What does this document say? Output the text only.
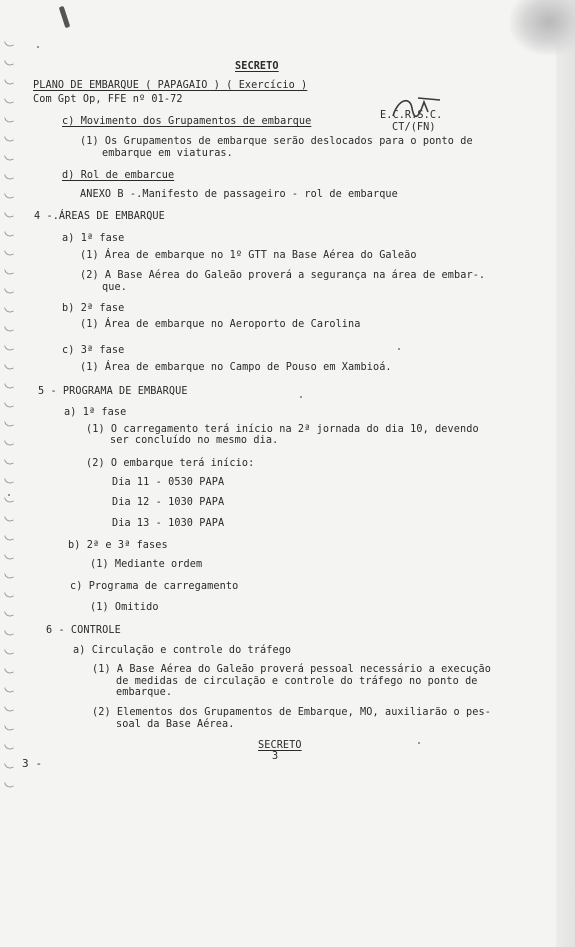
SECRETO
PLANO DE EMBARQUE ( PAPAGAIO ) ( Exercício )
Com Gpt Op, FFE nº 01-72
E.C.R.S.C.
CT/(FN)
c) Movimento dos Grupamentos de embarque
(1) Os Grupamentos de embarque serão deslocados para o ponto de
embarque em viaturas.
d) Rol de embarcue
ANEXO B -.Manifesto de passageiro - rol de embarque
4 -.ÁREAS DE EMBARQUE
a) 1ª fase
(1) Área de embarque no 1º GTT na Base Aérea do Galeão
(2) A Base Aérea do Galeão proverá a segurança na área de embar-.
que.
b) 2ª fase
(1) Área de embarque no Aeroporto de Carolina
c) 3ª fase
(1) Área de embarque no Campo de Pouso em Xambioá.
5 - PROGRAMA DE EMBARQUE
a) 1ª fase
(1) O carregamento terá início na 2ª jornada do dia 10, devendo
ser concluído no mesmo dia.
(2) O embarque terá início:
Dia 11 - 0530 PAPA
Dia 12 - 1030 PAPA
Dia 13 - 1030 PAPA
b) 2ª e 3ª fases
(1) Mediante ordem
c) Programa de carregamento
(1) Omitido
6 - CONTROLE
a) Circulação e controle do tráfego
(1) A Base Aérea do Galeão proverá pessoal necessário a execução
de medidas de circulação e controle do tráfego no ponto de
embarque.
(2) Elementos dos Grupamentos de Embarque, MO, auxiliarão o pes-
soal da Base Aérea.
SECRETO
3
3 -
